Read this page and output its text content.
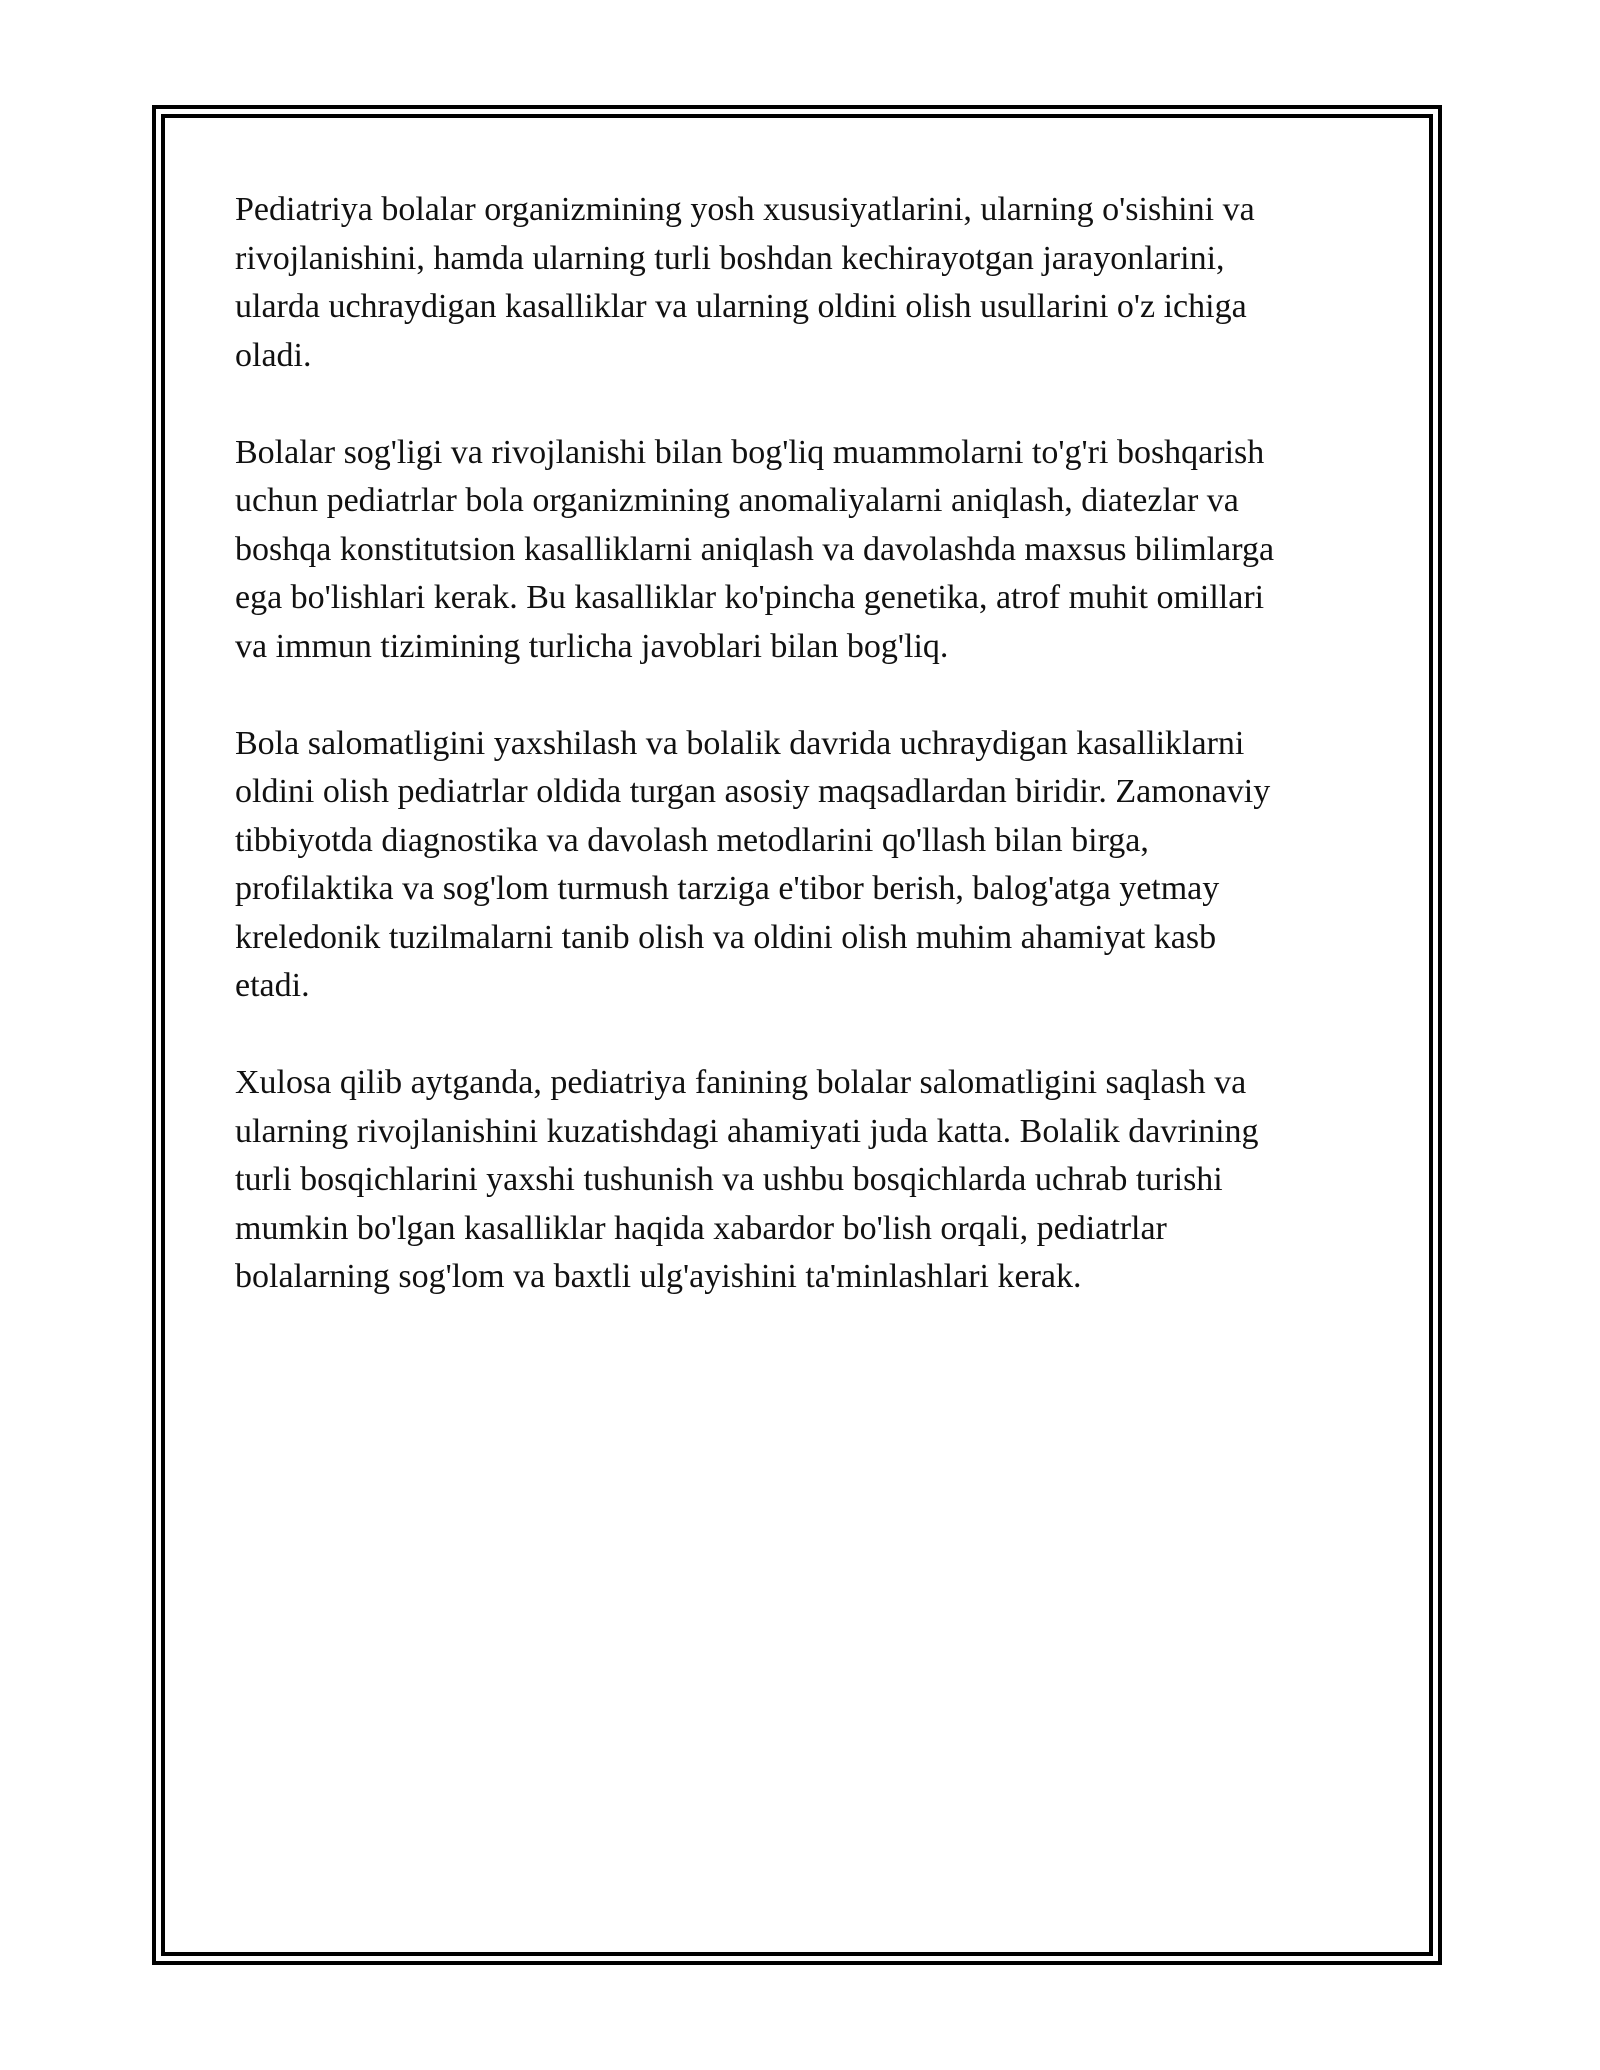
Pediatriya bolalar organizmining yosh xususiyatlarini, ularning o'sishini va
rivojlanishini, hamda ularning turli boshdan kechirayotgan jarayonlarini,
ularda uchraydigan kasalliklar va ularning oldini olish usullarini o'z ichiga
oladi.

Bolalar sog'ligi va rivojlanishi bilan bog'liq muammolarni to'g'ri boshqarish
uchun pediatrlar bola organizmining anomaliyalarni aniqlash, diatezlar va
boshqa konstitutsion kasalliklarni aniqlash va davolashda maxsus bilimlarga
ega bo'lishlari kerak. Bu kasalliklar ko'pincha genetika, atrof muhit omillari
va immun tizimining turlicha javoblari bilan bog'liq.

Bola salomatligini yaxshilash va bolalik davrida uchraydigan kasalliklarni
oldini olish pediatrlar oldida turgan asosiy maqsadlardan biridir. Zamonaviy
tibbiyotda diagnostika va davolash metodlarini qo'llash bilan birga,
profilaktika va sog'lom turmush tarziga e'tibor berish, balog'atga yetmay
kreledonik tuzilmalarni tanib olish va oldini olish muhim ahamiyat kasb
etadi.

Xulosa qilib aytganda, pediatriya fanining bolalar salomatligini saqlash va
ularning rivojlanishini kuzatishdagi ahamiyati juda katta. Bolalik davrining
turli bosqichlarini yaxshi tushunish va ushbu bosqichlarda uchrab turishi
mumkin bo'lgan kasalliklar haqida xabardor bo'lish orqali, pediatrlar
bolalarning sog'lom va baxtli ulg'ayishini ta'minlashlari kerak.
